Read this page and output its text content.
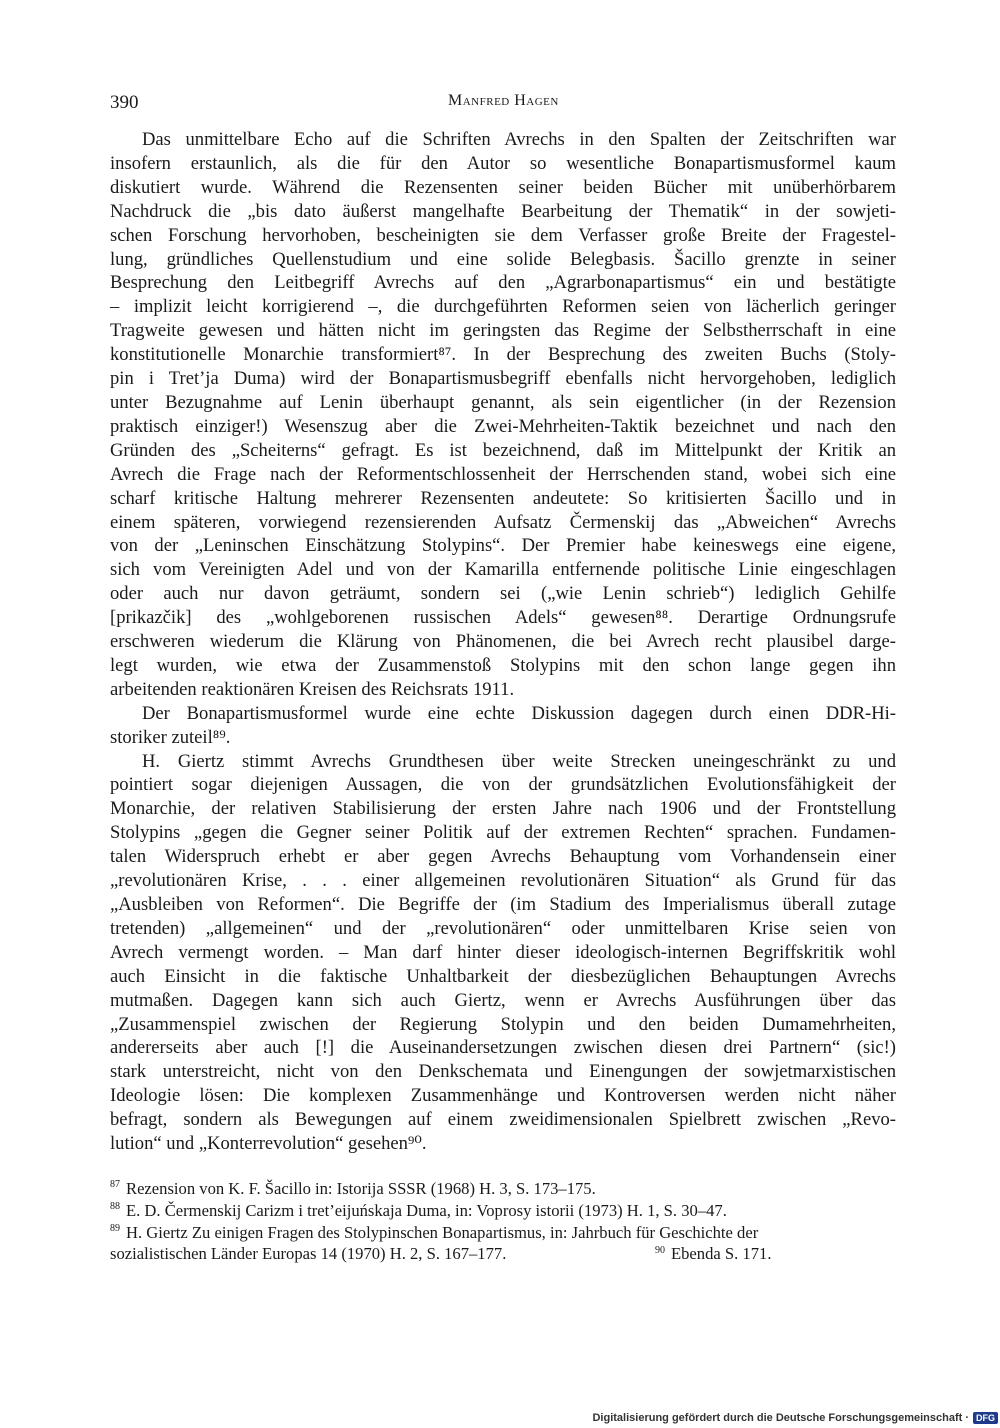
390	Manfred Hagen
Das unmittelbare Echo auf die Schriften Avrechs in den Spalten der Zeitschriften war
insofern erstaunlich, als die für den Autor so wesentliche Bonapartismusformel kaum
diskutiert wurde. Während die Rezensenten seiner beiden Bücher mit unüberhörbarem
Nachdruck die „bis dato äußerst mangelhafte Bearbeitung der Thematik“ in der sowjeti-
schen Forschung hervorhoben, bescheinigten sie dem Verfasser große Breite der Fragestel-
lung, gründliches Quellenstudium und eine solide Belegbasis. Šacillo grenzte in seiner
Besprechung den Leitbegriff Avrechs auf den „Agrarbonapartismus“ ein und bestätigte
– implizit leicht korrigierend –, die durchgeführten Reformen seien von lächerlich geringer
Tragweite gewesen und hätten nicht im geringsten das Regime der Selbstherrschaft in eine
konstitutionelle Monarchie transformiert⁸⁷. In der Besprechung des zweiten Buchs (Stoly-
pin i Tret’ja Duma) wird der Bonapartismusbegriff ebenfalls nicht hervorgehoben, lediglich
unter Bezugnahme auf Lenin überhaupt genannt, als sein eigentlicher (in der Rezension
praktisch einziger!) Wesenszug aber die Zwei-Mehrheiten-Taktik bezeichnet und nach den
Gründen des „Scheiterns“ gefragt. Es ist bezeichnend, daß im Mittelpunkt der Kritik an
Avrech die Frage nach der Reformentschlossenheit der Herrschenden stand, wobei sich eine
scharf kritische Haltung mehrerer Rezensenten andeutete: So kritisierten Šacillo und in
einem späteren, vorwiegend rezensierenden Aufsatz Čermenskij das „Abweichen“ Avrechs
von der „Leninschen Einschätzung Stolypins“. Der Premier habe keineswegs eine eigene,
sich vom Vereinigten Adel und von der Kamarilla entfernende politische Linie eingeschlagen
oder auch nur davon geträumt, sondern sei („wie Lenin schrieb“) lediglich Gehilfe
[prikazčik] des „wohlgeborenen russischen Adels“ gewesen⁸⁸. Derartige Ordnungsrufe
erschweren wiederum die Klärung von Phänomenen, die bei Avrech recht plausibel darge-
legt wurden, wie etwa der Zusammenstoß Stolypins mit den schon lange gegen ihn
arbeitenden reaktionären Kreisen des Reichsrats 1911.
Der Bonapartismusformel wurde eine echte Diskussion dagegen durch einen DDR-Hi-
storiker zuteil⁸⁹.
H. Giertz stimmt Avrechs Grundthesen über weite Strecken uneingeschränkt zu und
pointiert sogar diejenigen Aussagen, die von der grundsätzlichen Evolutionsfähigkeit der
Monarchie, der relativen Stabilisierung der ersten Jahre nach 1906 und der Frontstellung
Stolypins „gegen die Gegner seiner Politik auf der extremen Rechten“ sprachen. Fundamen-
talen Widerspruch erhebt er aber gegen Avrechs Behauptung vom Vorhandensein einer
„revolutionären Krise, . . . einer allgemeinen revolutionären Situation“ als Grund für das
„Ausbleiben von Reformen“. Die Begriffe der (im Stadium des Imperialismus überall zutage
tretenden) „allgemeinen“ und der „revolutionären“ oder unmittelbaren Krise seien von
Avrech vermengt worden. – Man darf hinter dieser ideologisch-internen Begriffskritik wohl
auch Einsicht in die faktische Unhaltbarkeit der diesbezüglichen Behauptungen Avrechs
mutmaßen. Dagegen kann sich auch Giertz, wenn er Avrechs Ausführungen über das
„Zusammenspiel zwischen der Regierung Stolypin und den beiden Dumamehrheiten,
andererseits aber auch [!] die Auseinandersetzungen zwischen diesen drei Partnern“ (sic!)
stark unterstreicht, nicht von den Denkschemata und Einengungen der sowjetmarxistischen
Ideologie lösen: Die komplexen Zusammenhänge und Kontroversen werden nicht näher
befragt, sondern als Bewegungen auf einem zweidimensionalen Spielbrett zwischen „Revo-
lution“ und „Konterrevolution“ gesehen⁹⁰.
$^{87}$ Rezension von K. F. Šacillo in: Istorija SSSR (1968) H. 3, S. 173–175.
$^{88}$ E. D. Čermenskij Carizm i tret’eijuńskaja Duma, in: Voprosy istorii (1973) H. 1, S. 30–47.
$^{89}$ H. Giertz Zu einigen Fragen des Stolypinschen Bonapartismus, in: Jahrbuch für Geschichte der
sozialistischen Länder Europas 14 (1970) H. 2, S. 167–177.	$^{90}$ Ebenda S. 171.
Digitalisierung gefördert durch die Deutsche Forschungsgemeinschaft · DFG
